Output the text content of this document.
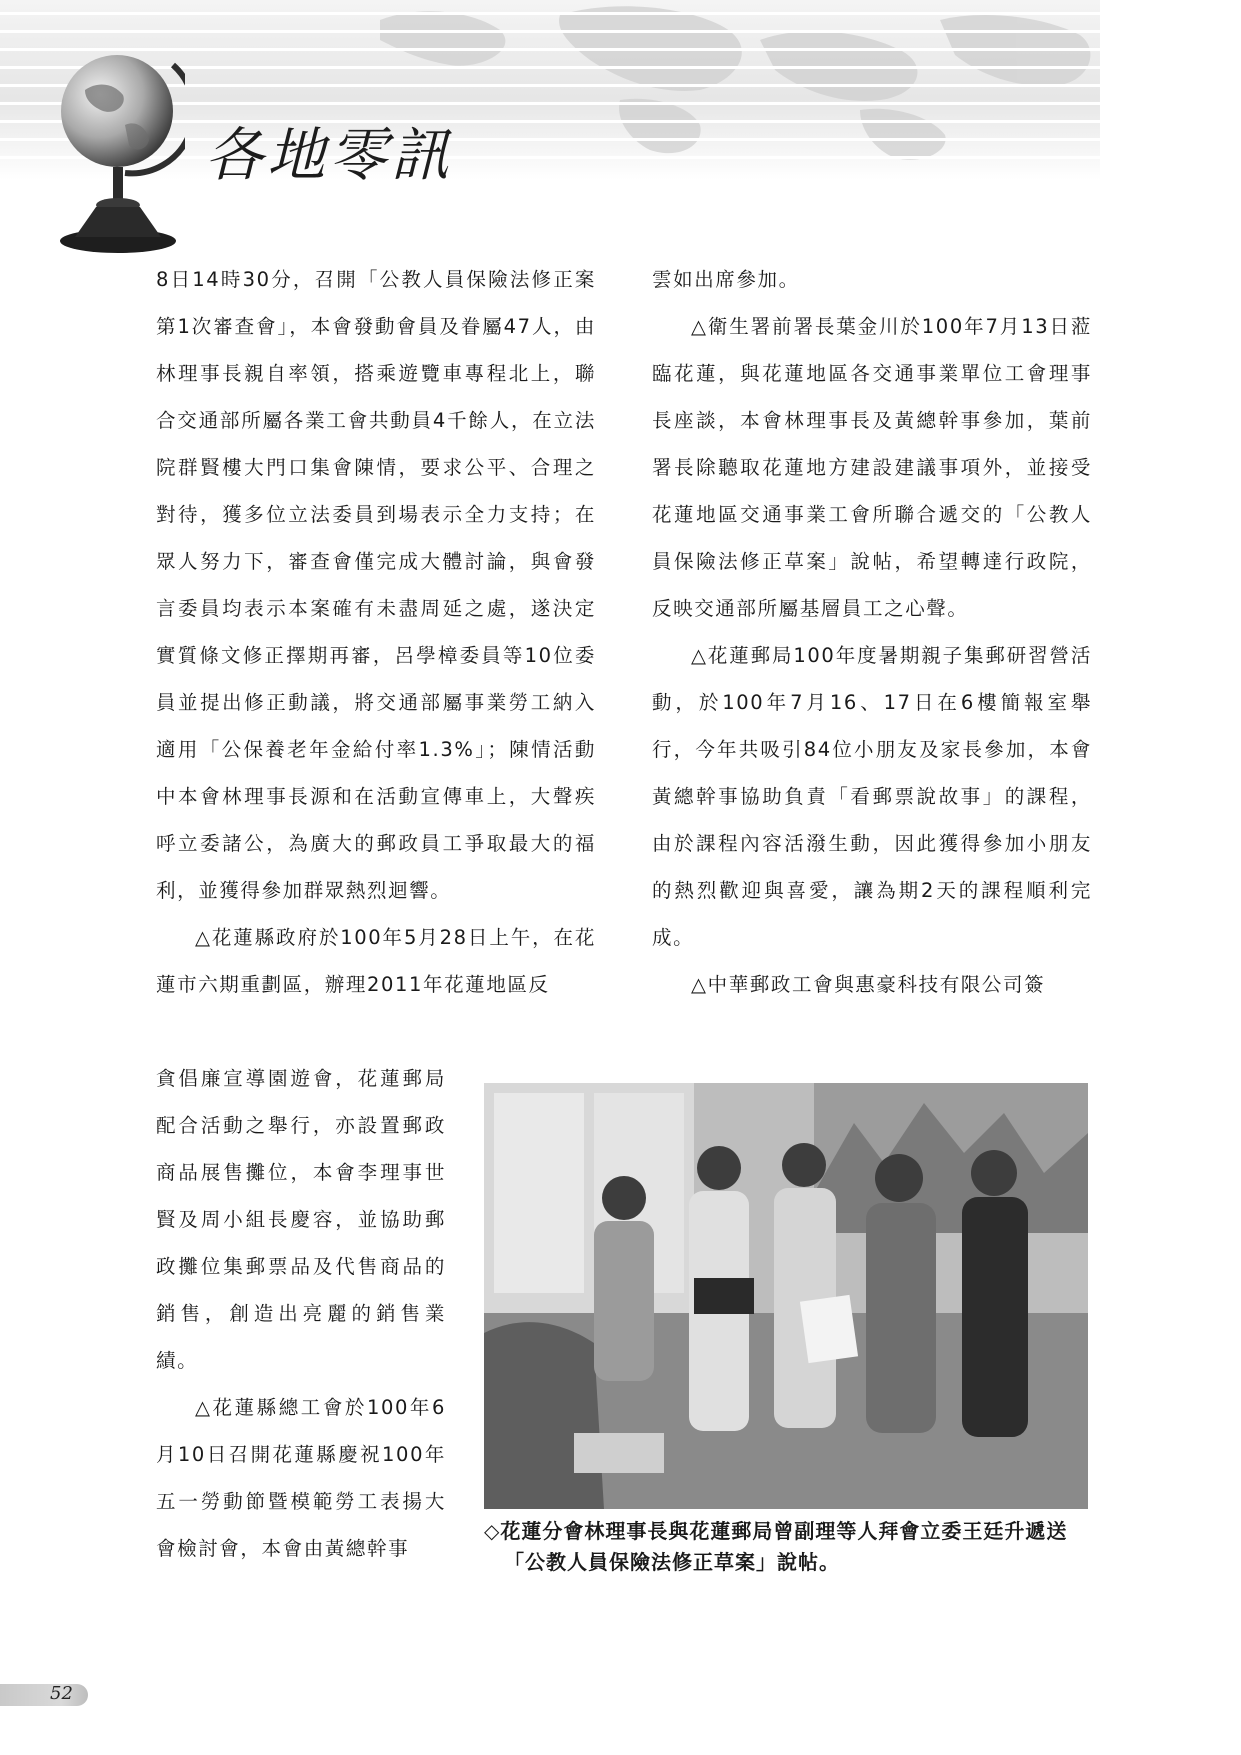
各地零訊

8日14時30分，召開「公教人員保險法修正案第1次審查會」，本會發動會員及眷屬47人，由林理事長親自率領，搭乘遊覽車專程北上，聯合交通部所屬各業工會共動員4千餘人，在立法院群賢樓大門口集會陳情，要求公平、合理之對待，獲多位立法委員到場表示全力支持；在眾人努力下，審查會僅完成大體討論，與會發言委員均表示本案確有未盡周延之處，遂決定實質條文修正擇期再審，呂學樟委員等10位委員並提出修正動議，將交通部屬事業勞工納入適用「公保養老年金給付率1.3%」；陳情活動中本會林理事長源和在活動宣傳車上，大聲疾呼立委諸公，為廣大的郵政員工爭取最大的福利，並獲得參加群眾熱烈迴響。

△花蓮縣政府於100年5月28日上午，在花蓮市六期重劃區，辦理2011年花蓮地區反

貪倡廉宣導園遊會，花蓮郵局配合活動之舉行，亦設置郵政商品展售攤位，本會李理事世賢及周小組長慶容，並協助郵政攤位集郵票品及代售商品的銷售，創造出亮麗的銷售業績。

△花蓮縣總工會於100年6月10日召開花蓮縣慶祝100年五一勞動節暨模範勞工表揚大會檢討會，本會由黃總幹事

雲如出席參加。

△衛生署前署長葉金川於100年7月13日蒞臨花蓮，與花蓮地區各交通事業單位工會理事長座談，本會林理事長及黃總幹事參加，葉前署長除聽取花蓮地方建設建議事項外，並接受花蓮地區交通事業工會所聯合遞交的「公教人員保險法修正草案」說帖，希望轉達行政院，反映交通部所屬基層員工之心聲。

△花蓮郵局100年度暑期親子集郵研習營活動，於100年7月16、17日在6樓簡報室舉行，今年共吸引84位小朋友及家長參加，本會黃總幹事協助負責「看郵票說故事」的課程，由於課程內容活潑生動，因此獲得參加小朋友的熱烈歡迎與喜愛，讓為期2天的課程順利完成。

△中華郵政工會與惠豪科技有限公司簽

◇花蓮分會林理事長與花蓮郵局曾副理等人拜會立委王廷升遞送
「公教人員保險法修正草案」說帖。

52
